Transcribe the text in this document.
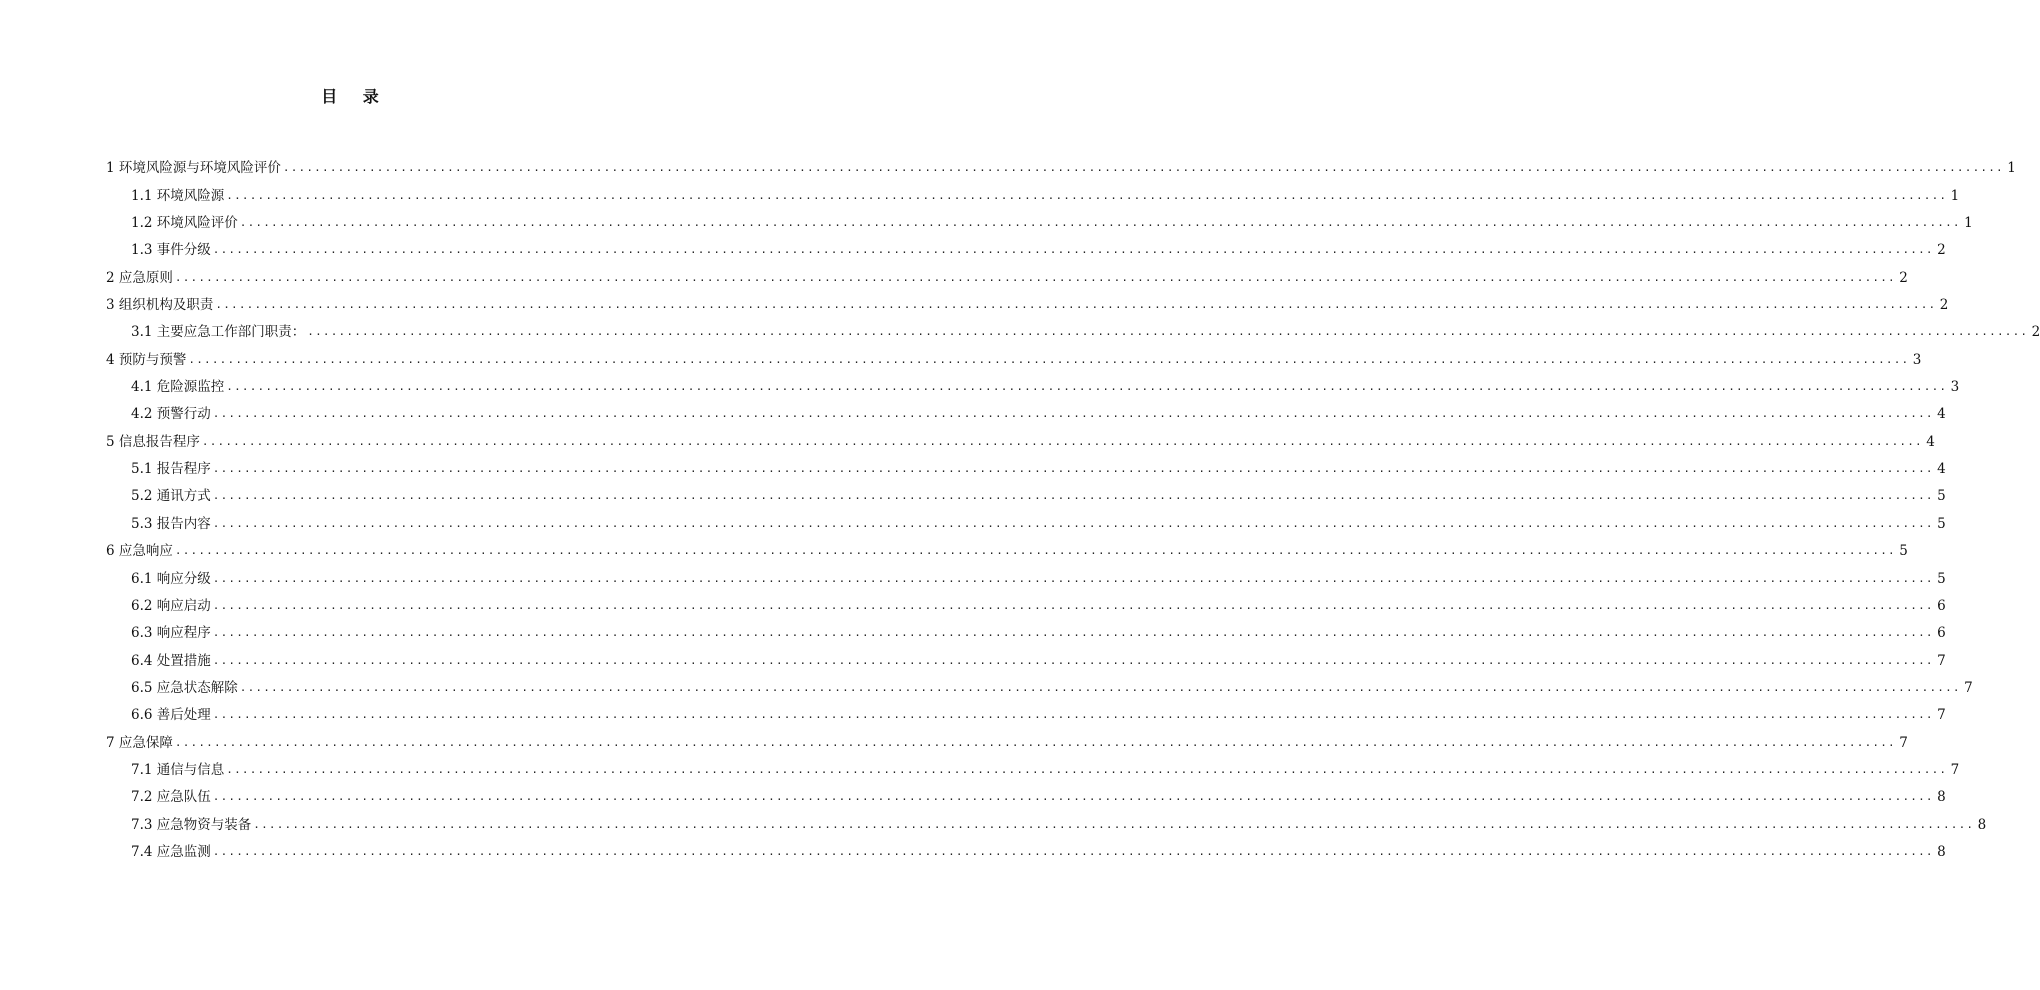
目 录
1 环境风险源与环境风险评价 ............................................................................................................................................................................................................................ 1
1.1 环境风险源 ............................................................................................................................................................................................................................ 1
1.2 环境风险评价 ............................................................................................................................................................................................................................ 1
1.3 事件分级 ............................................................................................................................................................................................................................ 2
2 应急原则 ............................................................................................................................................................................................................................ 2
3 组织机构及职责 ............................................................................................................................................................................................................................ 2
3.1 主要应急工作部门职责： ............................................................................................................................................................................................................................ 2
4 预防与预警 ............................................................................................................................................................................................................................ 3
4.1 危险源监控 ............................................................................................................................................................................................................................ 3
4.2 预警行动 ............................................................................................................................................................................................................................ 4
5 信息报告程序 ............................................................................................................................................................................................................................ 4
5.1 报告程序 ............................................................................................................................................................................................................................ 4
5.2 通讯方式 ............................................................................................................................................................................................................................ 5
5.3 报告内容 ............................................................................................................................................................................................................................ 5
6 应急响应 ............................................................................................................................................................................................................................ 5
6.1 响应分级 ............................................................................................................................................................................................................................ 5
6.2 响应启动 ............................................................................................................................................................................................................................ 6
6.3 响应程序 ............................................................................................................................................................................................................................ 6
6.4 处置措施 ............................................................................................................................................................................................................................ 7
6.5 应急状态解除 ............................................................................................................................................................................................................................ 7
6.6 善后处理 ............................................................................................................................................................................................................................ 7
7 应急保障 ............................................................................................................................................................................................................................ 7
7.1 通信与信息 ............................................................................................................................................................................................................................ 7
7.2 应急队伍 ............................................................................................................................................................................................................................ 8
7.3 应急物资与装备 ............................................................................................................................................................................................................................ 8
7.4 应急监测 ............................................................................................................................................................................................................................ 8
